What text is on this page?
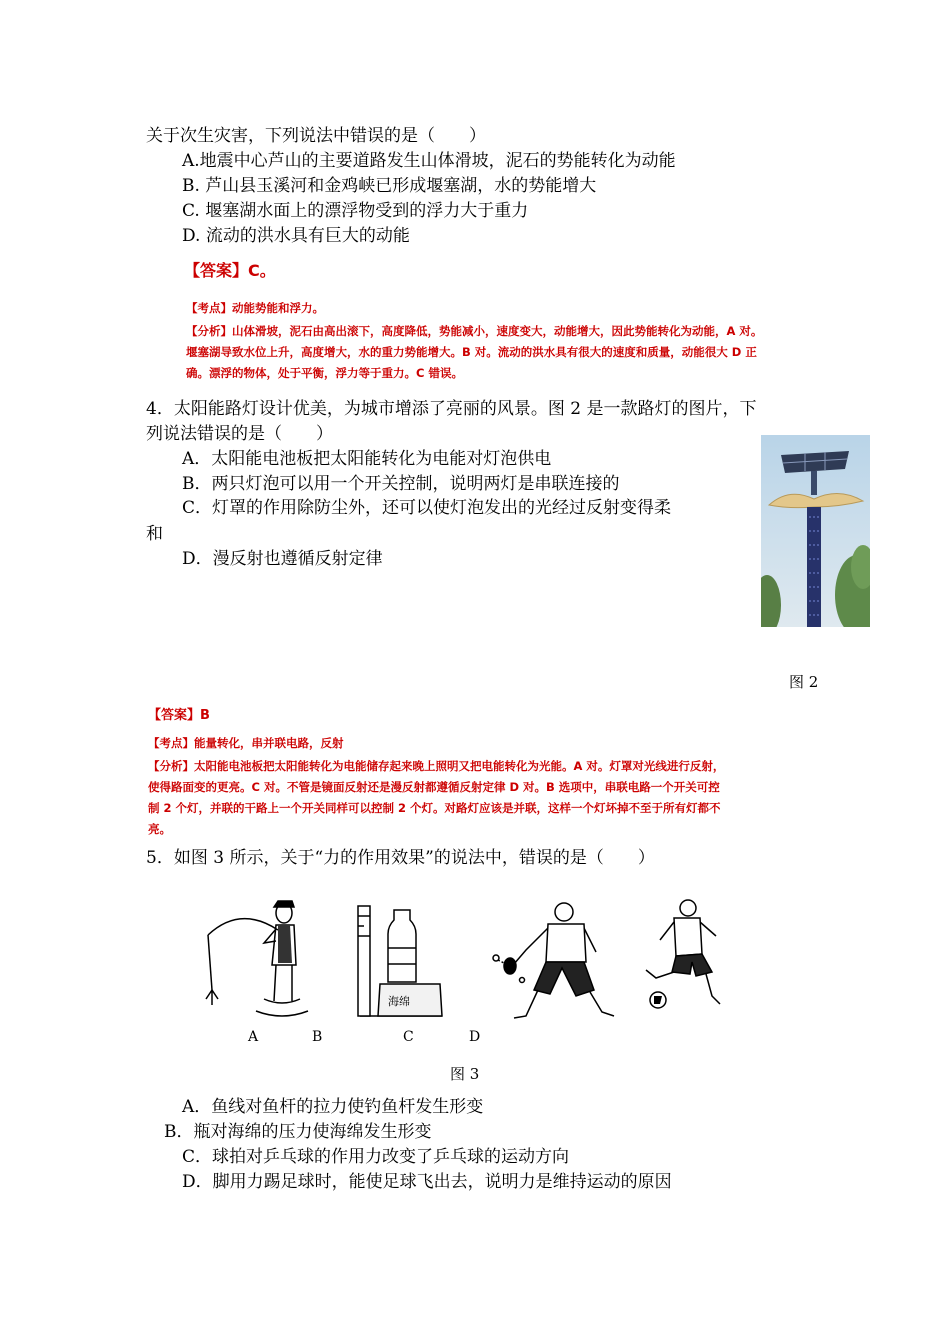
关于次生灾害，下列说法中错误的是（　　）
A.地震中心芦山的主要道路发生山体滑坡，泥石的势能转化为动能
B. 芦山县玉溪河和金鸡峡已形成堰塞湖，水的势能增大
C. 堰塞湖水面上的漂浮物受到的浮力大于重力
D. 流动的洪水具有巨大的动能
【答案】C。
【考点】动能势能和浮力。
【分析】山体滑坡，泥石由高出滚下，高度降低，势能减小，速度变大，动能增大，因此势能转化为动能，A 对。
堰塞湖导致水位上升，高度增大，水的重力势能增大。B 对。流动的洪水具有很大的速度和质量，动能很大 D 正
确。漂浮的物体，处于平衡，浮力等于重力。C 错误。
4．太阳能路灯设计优美，为城市增添了亮丽的风景。图 2 是一款路灯的图片，下
列说法错误的是（　　）
A．太阳能电池板把太阳能转化为电能对灯泡供电
B．两只灯泡可以用一个开关控制，说明两灯是串联连接的
C．灯罩的作用除防尘外，还可以使灯泡发出的光经过反射变得柔
和
D．漫反射也遵循反射定律
图 2
【答案】B
【考点】能量转化，串并联电路，反射
【分析】太阳能电池板把太阳能转化为电能储存起来晚上照明又把电能转化为光能。A 对。灯罩对光线进行反射，
使得路面变的更亮。C 对。不管是镜面反射还是漫反射都遵循反射定律 D 对。B 选项中，串联电路一个开关可控
制 2 个灯，并联的干路上一个开关同样可以控制 2 个灯。对路灯应该是并联，这样一个灯坏掉不至于所有灯都不
亮。
5．如图 3 所示，关于“力的作用效果”的说法中，错误的是（　　）
海绵
A	B	C	D
图 3
A．鱼线对鱼杆的拉力使钓鱼杆发生形变
B．瓶对海绵的压力使海绵发生形变
C．球拍对乒乓球的作用力改变了乒乓球的运动方向
D．脚用力踢足球时，能使足球飞出去，说明力是维持运动的原因
